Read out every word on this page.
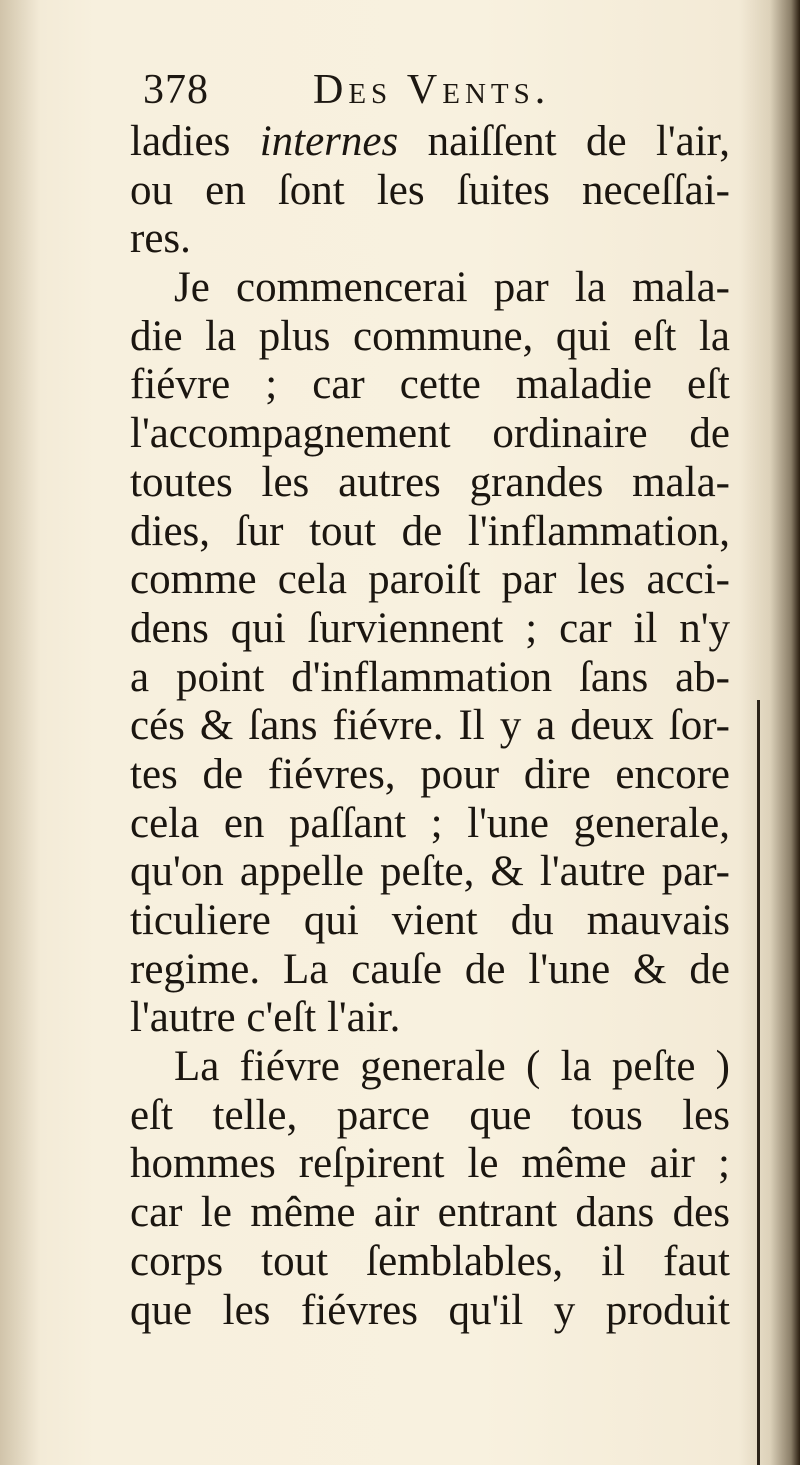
378 Des Vents.
ladies internes naiſſent de l'air,
ou en ſont les ſuites neceſſai-
res.
Je commencerai par la mala-
die la plus commune, qui eſt la
fiévre ; car cette maladie eſt
l'accompagnement ordinaire de
toutes les autres grandes mala-
dies, ſur tout de l'inflammation,
comme cela paroiſt par les acci-
dens qui ſurviennent ; car il n'y
a point d'inflammation ſans ab-
cés & ſans fiévre. Il y a deux ſor-
tes de fiévres, pour dire encore
cela en paſſant ; l'une generale,
qu'on appelle peſte, & l'autre par-
ticuliere qui vient du mauvais
regime. La cauſe de l'une & de
l'autre c'eſt l'air.
La fiévre generale ( la peſte )
eſt telle, parce que tous les
hommes reſpirent le même air ;
car le même air entrant dans des
corps tout ſemblables, il faut
que les fiévres qu'il y produit
